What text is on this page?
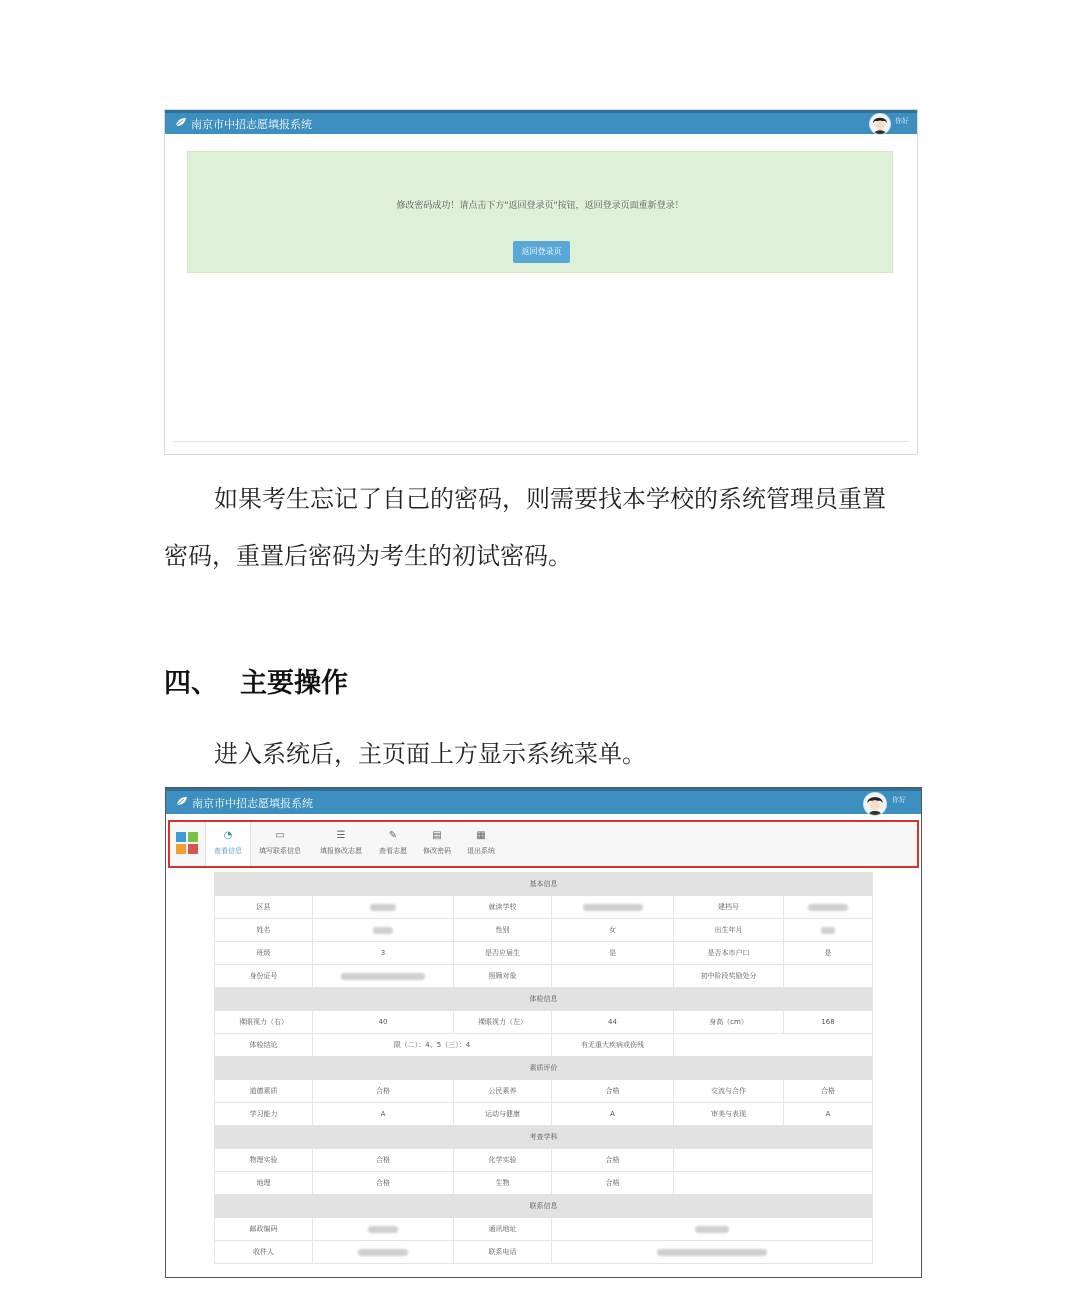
南京市中招志愿填报系统	你好
修改密码成功！请点击下方"返回登录页"按钮，返回登录页面重新登录！
返回登录页
如果考生忘记了自己的密码，则需要找本学校的系统管理员重置
密码，重置后密码为考生的初试密码。
四、 主要操作
进入系统后，主页面上方显示系统菜单。
南京市中招志愿填报系统	你好
◔
查看信息
▭
填写联系信息
☰
填报修改志愿
✎
查看志愿
▤
修改密码
▦
退出系统
基本信息					
区县		就读学校		建档号	
姓名		性别	女	出生年月	
班级	3	是否应届生	是	是否本市户口	是
身份证号		照顾对象		初中阶段奖励处分	
体检信息					
裸眼视力（右）	40	裸眼视力（左）	44	身高（cm）	168
体检结论	限（二）：4、5（三）：4		有无重大疾病或伤残		
素质评价					
道德素质	合格	公民素养	合格	交流与合作	合格
学习能力	A	运动与健康	A	审美与表现	A
考查学科					
物理实验	合格	化学实验	合格		
地理	合格	生物	合格		
联系信息					
邮政编码		通讯地址			
收件人		联系电话			
